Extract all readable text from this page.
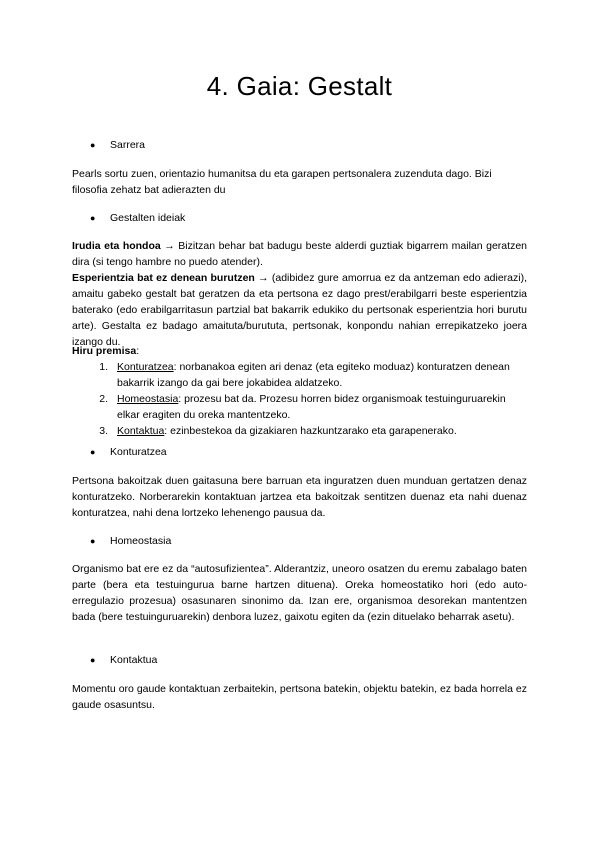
4. Gaia: Gestalt
●	Sarrera

Pearls sortu zuen, orientazio humanitsa du eta garapen pertsonalera zuzenduta dago. Bizi filosofia zehatz bat adierazten du

●	Gestalten ideiak

Irudia eta hondoa → Bizitzan behar bat badugu beste alderdi guztiak bigarrem mailan geratzen dira (si tengo hambre no puedo atender).

Esperientzia bat ez denean burutzen → (adibidez gure amorrua ez da antzeman edo adierazi), amaitu gabeko gestalt bat geratzen da eta pertsona ez dago prest/erabilgarri beste esperientzia baterako (edo erabilgarritasun partzial bat bakarrik edukiko du pertsonak esperientzia hori burutu arte). Gestalta ez badago amaituta/burututa, pertsonak, konpondu nahian errepikatzeko joera izango du.

Hiru premisa:

1. Konturatzea: norbanakoa egiten ari denaz (eta egiteko moduaz) konturatzen denean bakarrik izango da gai bere jokabidea aldatzeko.
2. Homeostasia: prozesu bat da. Prozesu horren bidez organismoak testuinguruarekin elkar eragiten du oreka mantentzeko.
3. Kontaktua: ezinbestekoa da gizakiaren hazkuntzarako eta garapenerako.
●	Konturatzea

Pertsona bakoitzak duen gaitasuna bere barruan eta inguratzen duen munduan gertatzen denaz konturatzeko. Norberarekin kontaktuan jartzea eta bakoitzak sentitzen duenaz eta nahi duenaz konturatzea, nahi dena lortzeko lehenengo pausua da.

●	Homeostasia

Organismo bat ere ez da “autosufizientea”. Alderantziz, uneoro osatzen du eremu zabalago baten parte (bera eta testuingurua barne hartzen dituena). Oreka homeostatiko hori (edo auto-erregulazio prozesua) osasunaren sinonimo da. Izan ere, organismoa desorekan mantentzen bada (bere testuinguruarekin) denbora luzez, gaixotu egiten da (ezin dituelako beharrak asetu).

●	Kontaktua

Momentu oro gaude kontaktuan zerbaitekin, pertsona batekin, objektu batekin, ez bada horrela ez gaude osasuntsu.
